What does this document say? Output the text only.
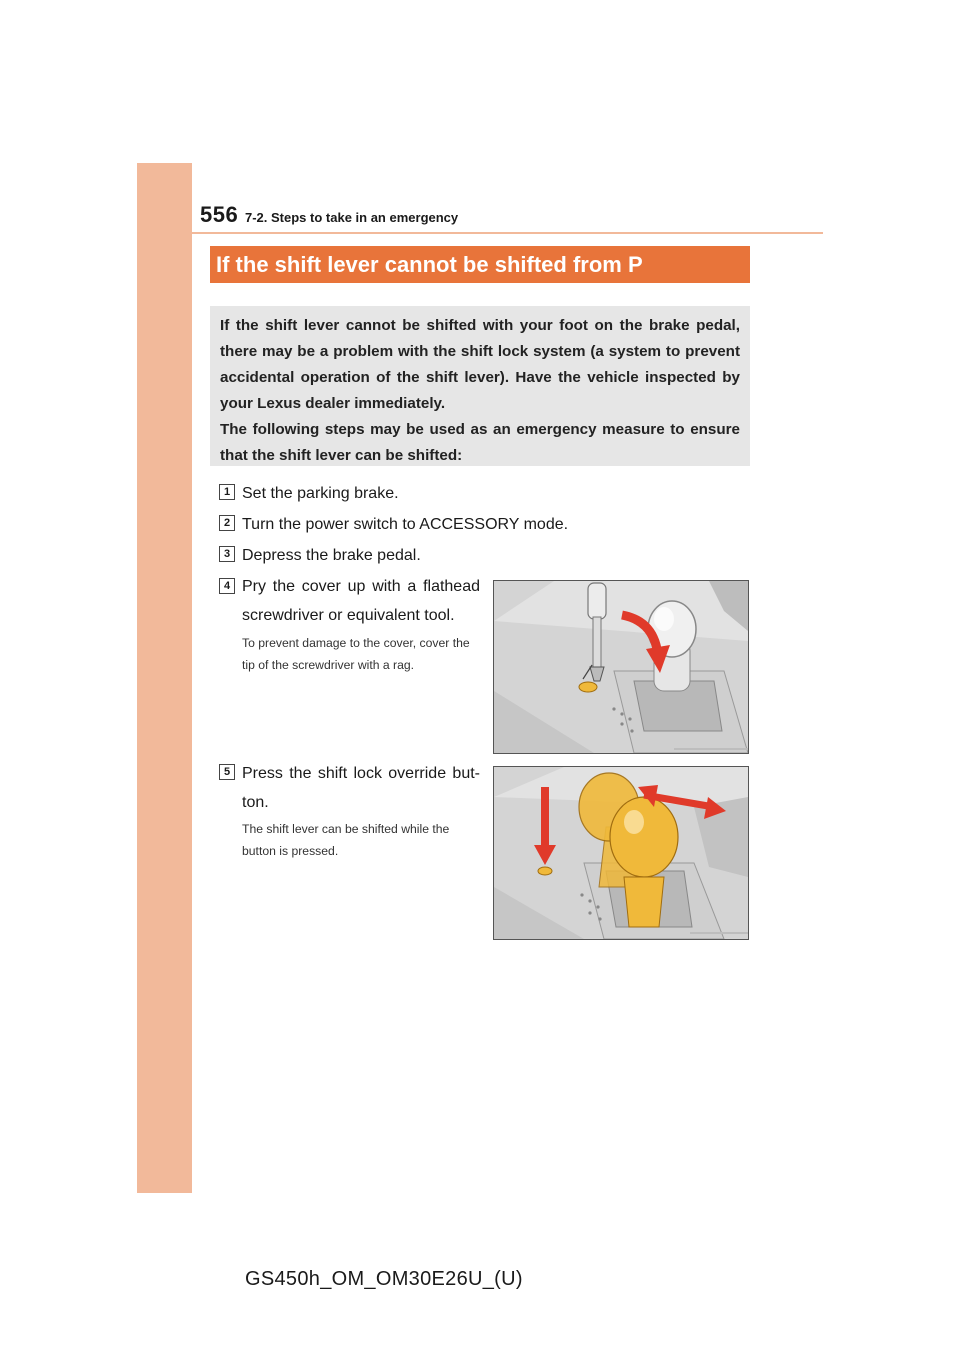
556 7-2. Steps to take in an emergency
If the shift lever cannot be shifted from P

If the shift lever cannot be shifted with your foot on the brake pedal, there may be a problem with the shift lock system (a system to prevent accidental operation of the shift lever). Have the vehicle inspected by your Lexus dealer immediately.

The following steps may be used as an emergency measure to ensure that the shift lever can be shifted:

1 Set the parking brake.
2 Turn the power switch to ACCESSORY mode.
3 Depress the brake pedal.
4 Pry the cover up with a flathead screwdriver or equivalent tool.
To prevent damage to the cover, cover the tip of the screwdriver with a rag.
5 Press the shift lock override but-ton.
The shift lever can be shifted while the button is pressed.
GS450h_OM_OM30E26U_(U)
